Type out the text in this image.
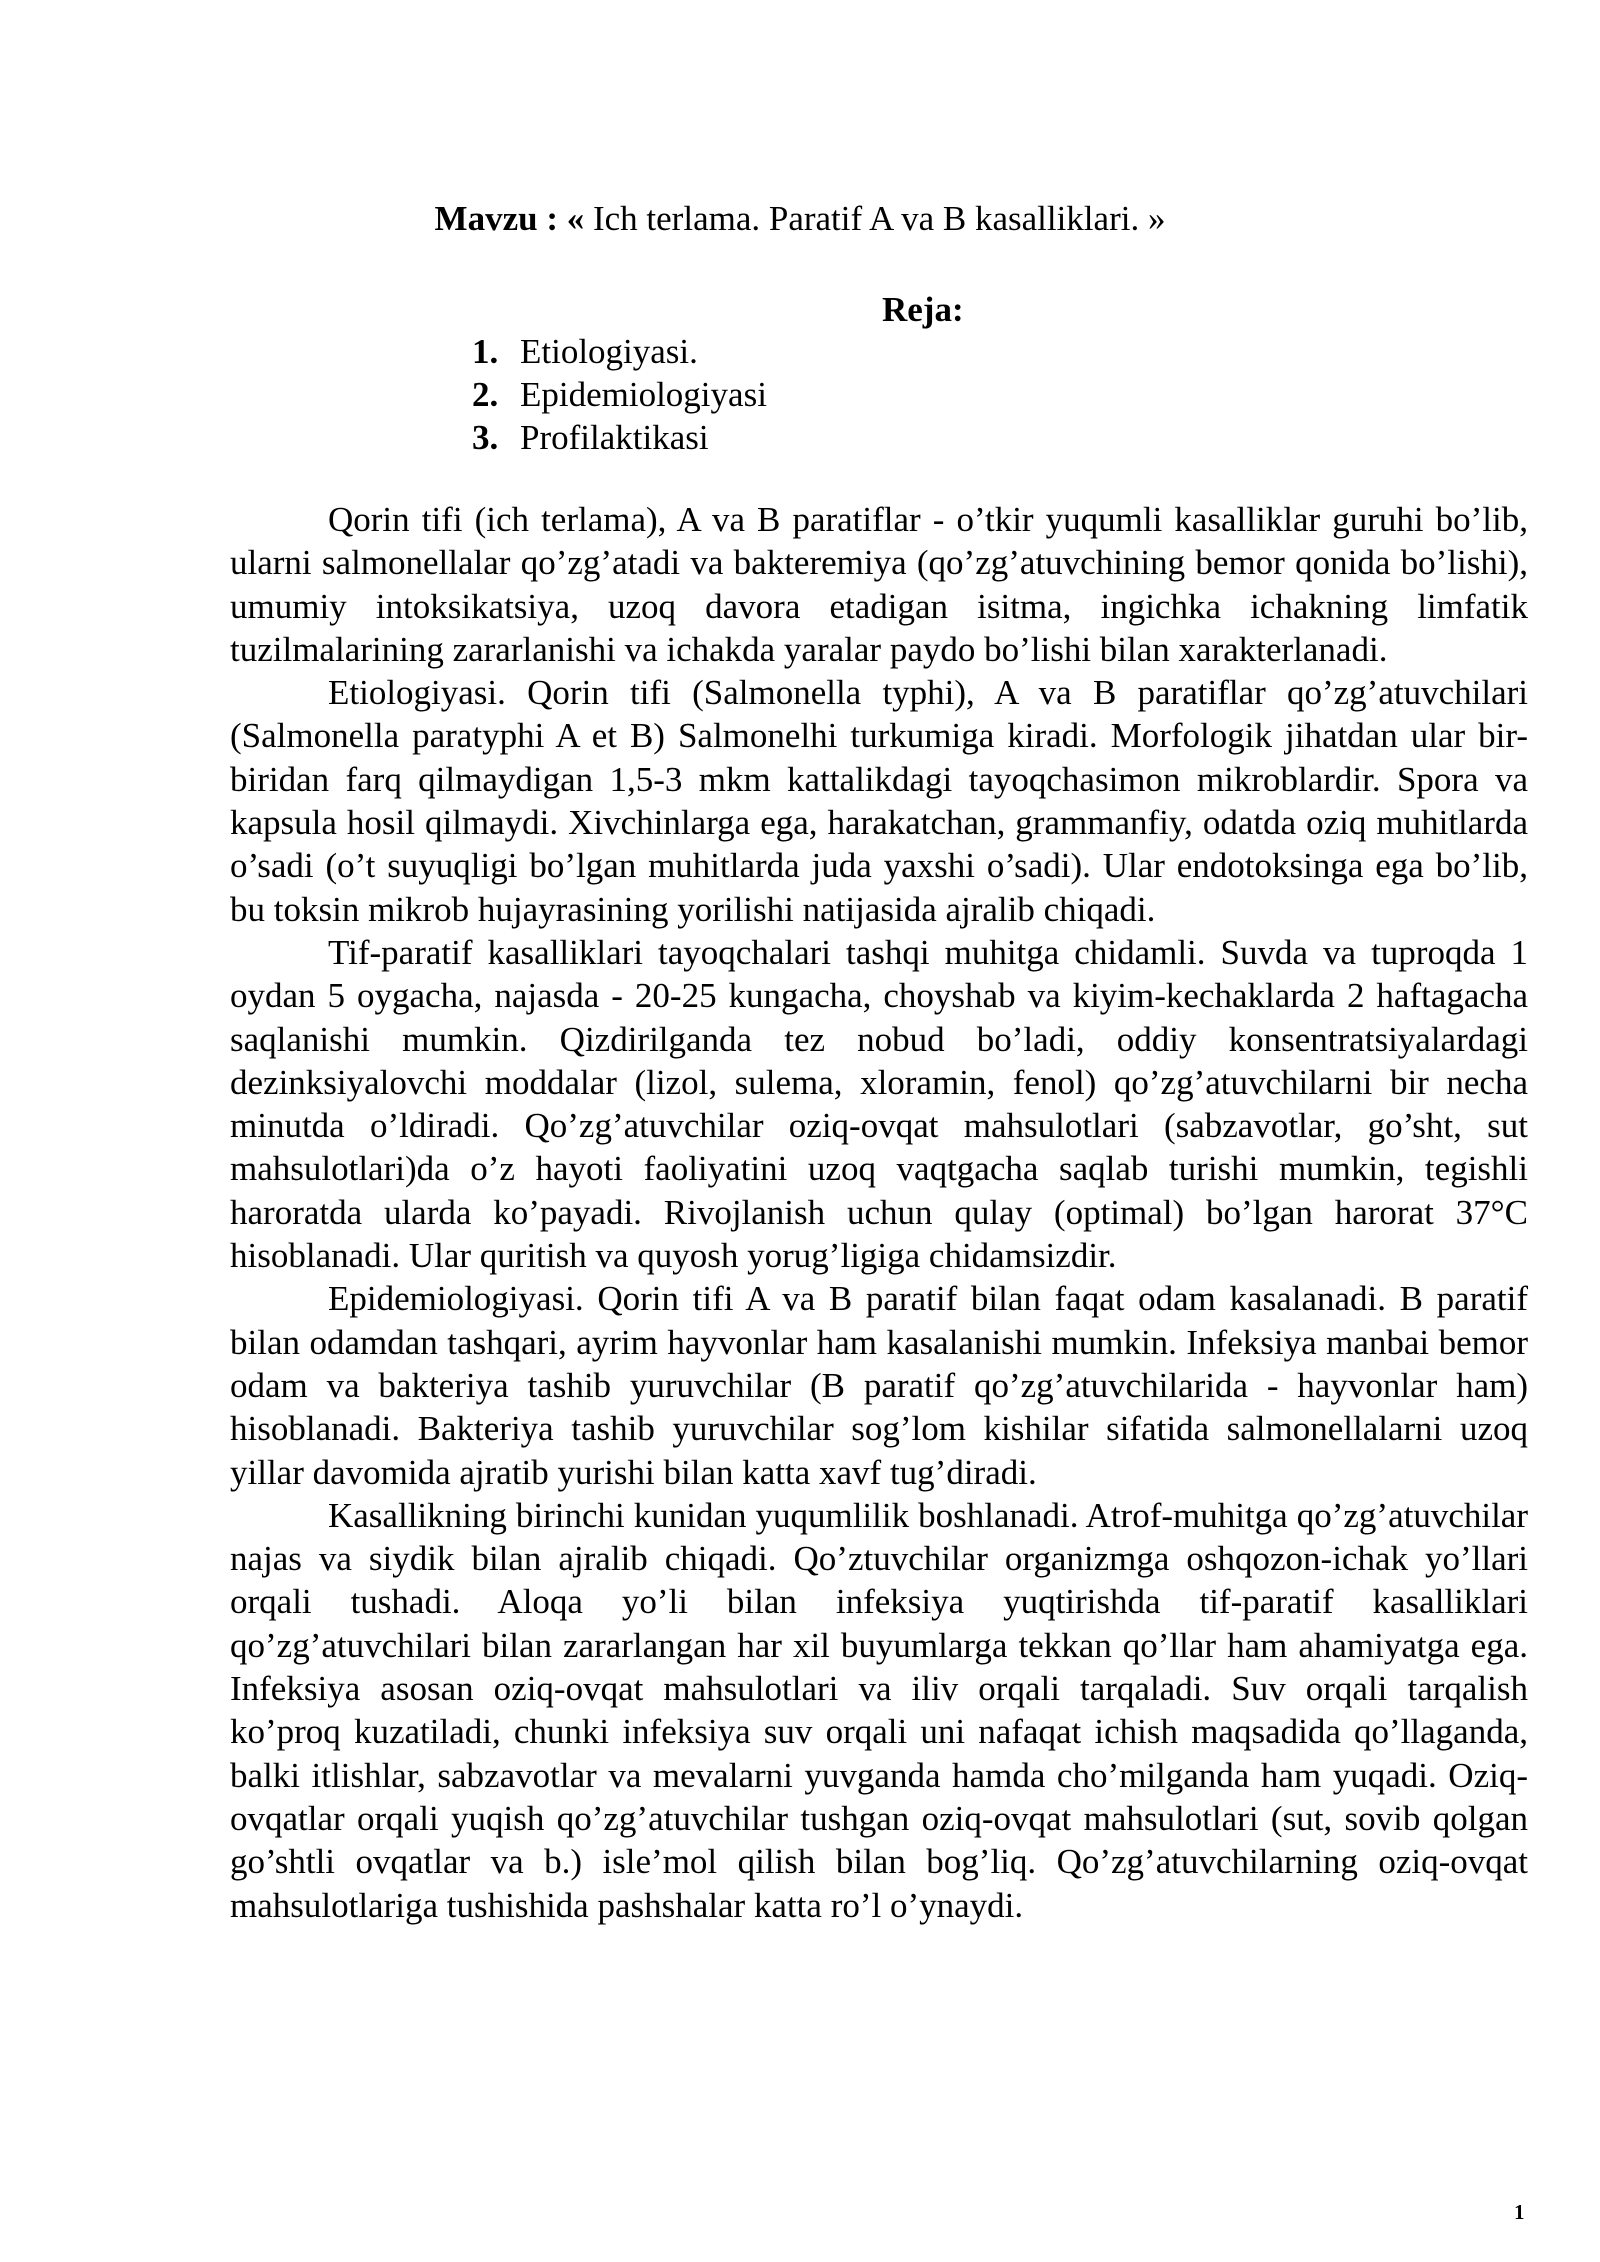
Mavzu : « Ich terlama. Paratif A va B kasalliklari. »
Reja:
1. Etiologiyasi.
2. Epidemiologiyasi
3. Profilaktikasi

Qorin tifi (ich terlama), A va B paratiflar - o’tkir yuqumli kasalliklar guruhi bo’lib, ularni salmonellalar qo’zg’atadi va bakteremiya (qo’zg’atuvchining bemor qonida bo’lishi), umumiy intoksikatsiya, uzoq davora etadigan isitma, ingichka ichakning limfatik tuzilmalarining zararlanishi va ichakda yaralar paydo bo’lishi bilan xarakterlanadi.

Etiologiyasi. Qorin tifi (Salmonella typhi), A va B paratiflar qo’zg’atuvchilari (Salmonella paratyphi A et B) Salmonelhi turkumiga kiradi. Morfologik jihatdan ular bir-biridan farq qilmaydigan 1,5-3 mkm kattalikdagi tayoqchasimon mikroblardir. Spora va kapsula hosil qilmaydi. Xivchinlarga ega, harakatchan, grammanfiy, odatda oziq muhitlarda o’sadi (o’t suyuqligi bo’lgan muhitlarda juda yaxshi o’sadi). Ular endotoksinga ega bo’lib, bu toksin mikrob hujayrasining yorilishi natijasida ajralib chiqadi.

Tif-paratif kasalliklari tayoqchalari tashqi muhitga chidamli. Suvda va tuproqda 1 oydan 5 oygacha, najasda - 20-25 kungacha, choyshab va kiyim-kechaklarda 2 haftagacha saqlanishi mumkin. Qizdirilganda tez nobud bo’ladi, oddiy konsentratsiyalardagi dezinksiyalovchi moddalar (lizol, sulema, xloramin, fenol) qo’zg’atuvchilarni bir necha minutda o’ldiradi. Qo’zg’atuvchilar oziq-ovqat mahsulotlari (sabzavotlar, go’sht, sut mahsulotlari)da o’z hayoti faoliyatini uzoq vaqtgacha saqlab turishi mumkin, tegishli haroratda ularda ko’payadi. Rivojlanish uchun qulay (optimal) bo’lgan harorat 37°C hisoblanadi. Ular quritish va quyosh yorug’ligiga chidamsizdir.

Epidemiologiyasi. Qorin tifi A va B paratif bilan faqat odam kasalanadi. B paratif bilan odamdan tashqari, ayrim hayvonlar ham kasalanishi mumkin. Infeksiya manbai bemor odam va bakteriya tashib yuruvchilar (B paratif qo’zg’atuvchilarida - hayvonlar ham) hisoblanadi. Bakteriya tashib yuruvchilar sog’lom kishilar sifatida salmonellalarni uzoq yillar davomida ajratib yurishi bilan katta xavf tug’diradi.

Kasallikning birinchi kunidan yuqumlilik boshlanadi. Atrof-muhitga qo’zg’atuvchilar najas va siydik bilan ajralib chiqadi. Qo’ztuvchilar organizmga oshqozon-ichak yo’llari orqali tushadi. Aloqa yo’li bilan infeksiya yuqtirishda tif-paratif kasalliklari qo’zg’atuvchilari bilan zararlangan har xil buyumlarga tekkan qo’llar ham ahamiyatga ega. Infeksiya asosan oziq-ovqat mahsulotlari va iliv orqali tarqaladi. Suv orqali tarqalish ko’proq kuzatiladi, chunki infeksiya suv orqali uni nafaqat ichish maqsadida qo’llaganda, balki itlishlar, sabzavotlar va mevalarni yuvganda hamda cho’milganda ham yuqadi. Oziq-ovqatlar orqali yuqish qo’zg’atuvchilar tushgan oziq-ovqat mahsulotlari (sut, sovib qolgan go’shtli ovqatlar va b.) isle’mol qilish bilan bog’liq. Qo’zg’atuvchilarning oziq-ovqat mahsulotlariga tushishida pashshalar katta ro’l o’ynaydi.

1
